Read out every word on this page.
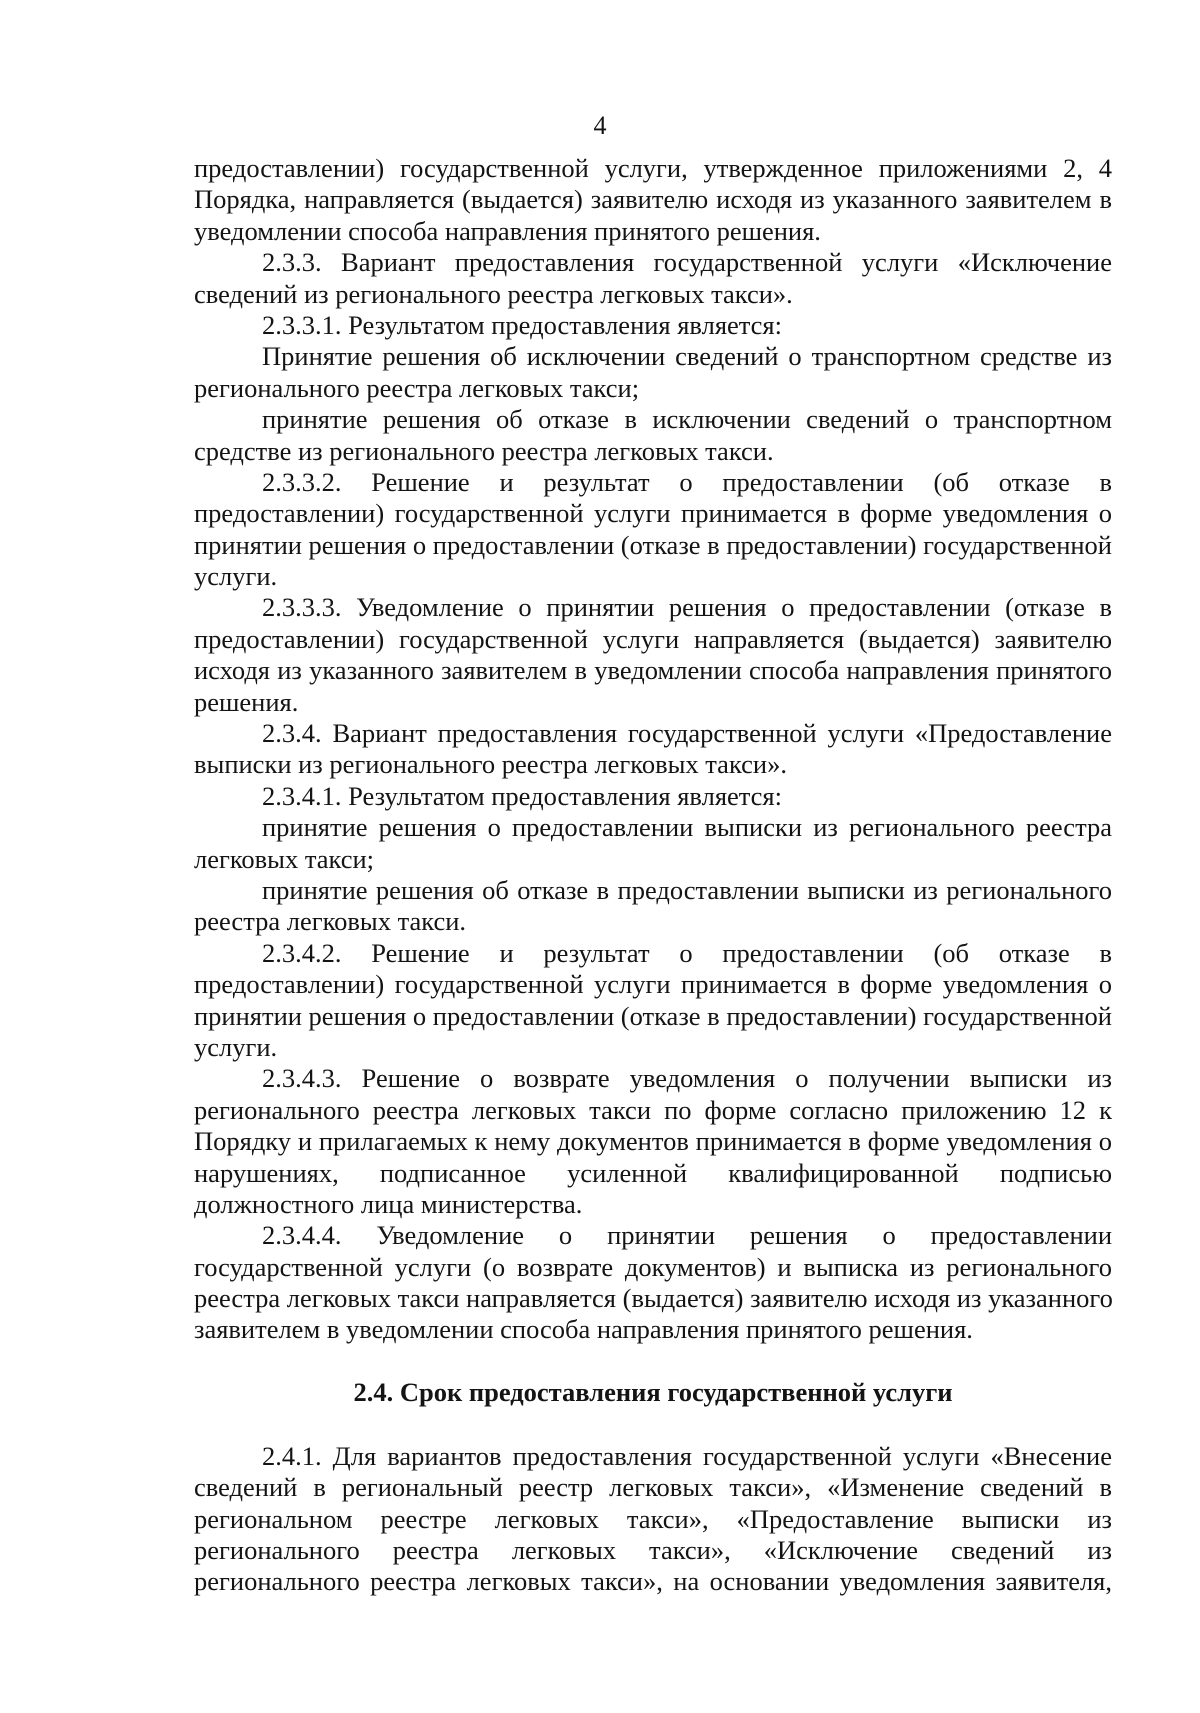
4
предоставлении) государственной услуги, утвержденное приложениями 2, 4
Порядка, направляется (выдается) заявителю исходя из указанного заявителем в
уведомлении способа направления принятого решения.
2.3.3. Вариант предоставления государственной услуги «Исключение
сведений из регионального реестра легковых такси».
2.3.3.1. Результатом предоставления является:
Принятие решения об исключении сведений о транспортном средстве из
регионального реестра легковых такси;
принятие решения об отказе в исключении сведений о транспортном
средстве из регионального реестра легковых такси.
2.3.3.2. Решение и результат о предоставлении (об отказе в
предоставлении) государственной услуги принимается в форме уведомления о
принятии решения о предоставлении (отказе в предоставлении) государственной
услуги.
2.3.3.3. Уведомление о принятии решения о предоставлении (отказе в
предоставлении) государственной услуги направляется (выдается) заявителю
исходя из указанного заявителем в уведомлении способа направления принятого
решения.
2.3.4. Вариант предоставления государственной услуги «Предоставление
выписки из регионального реестра легковых такси».
2.3.4.1. Результатом предоставления является:
принятие решения о предоставлении выписки из регионального реестра
легковых такси;
принятие решения об отказе в предоставлении выписки из регионального
реестра легковых такси.
2.3.4.2. Решение и результат о предоставлении (об отказе в
предоставлении) государственной услуги принимается в форме уведомления о
принятии решения о предоставлении (отказе в предоставлении) государственной
услуги.
2.3.4.3. Решение о возврате уведомления о получении выписки из
регионального реестра легковых такси по форме согласно приложению 12 к
Порядку и прилагаемых к нему документов принимается в форме уведомления о
нарушениях, подписанное усиленной квалифицированной подписью
должностного лица министерства.
2.3.4.4. Уведомление о принятии решения о предоставлении
государственной услуги (о возврате документов) и выписка из регионального
реестра легковых такси направляется (выдается) заявителю исходя из указанного
заявителем в уведомлении способа направления принятого решения.
2.4. Срок предоставления государственной услуги
2.4.1. Для вариантов предоставления государственной услуги «Внесение
сведений в региональный реестр легковых такси», «Изменение сведений в
региональном реестре легковых такси», «Предоставление выписки из
регионального реестра легковых такси», «Исключение сведений из
регионального реестра легковых такси», на основании уведомления заявителя,
